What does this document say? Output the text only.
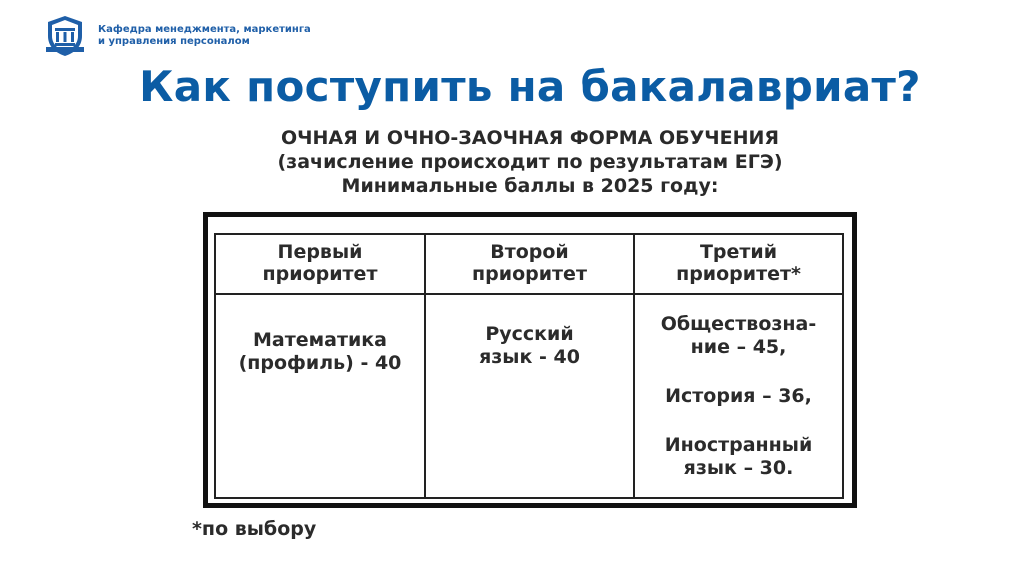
Кафедра менеджмента, маркетинга
и управления персоналом
Как поступить на бакалавриат?
ОЧНАЯ И ОЧНО-ЗАОЧНАЯ ФОРМА ОБУЧЕНИЯ
(зачисление происходит по результатам ЕГЭ)
Минимальные баллы в 2025 году:
Первый
приоритет
Второй
приоритет
Третий
приоритет*
Математика
(профиль) - 40
Русский
язык - 40
Обществозна-
ние – 45,
История – 36,
Иностранный
язык – 30.
*по выбору
